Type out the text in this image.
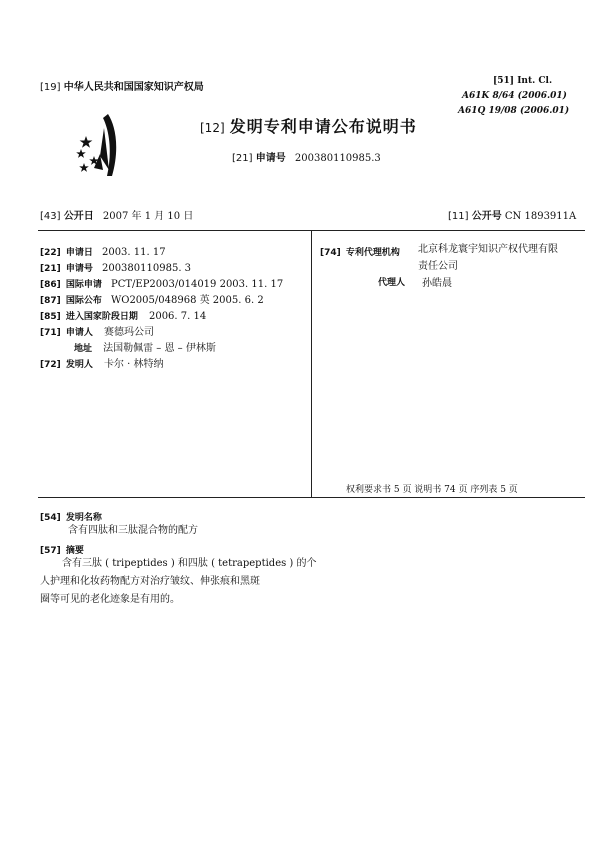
[19] 中华人民共和国国家知识产权局
[51] Int. Cl.
A61K 8/64 (2006.01)
A61Q 19/08 (2006.01)
[12] 发明专利申请公布说明书
[21] 申请号 200380110985.3
[43] 公开日 2007 年 1 月 10 日	[11] 公开号 CN 1893911A
[22] 申请日 2003. 11. 17
[21] 申请号 200380110985. 3
[86] 国际申请 PCT/EP2003/014019 2003. 11. 17
[87] 国际公布 WO2005/048968 英 2005. 6. 2
[85] 进入国家阶段日期 2006. 7. 14
[71] 申请人 赛德玛公司
地址 法国勒佩雷 – 恩 – 伊林斯
[72] 发明人 卡尔 · 林特纳
[74] 专利代理机构 北京科龙寰宇知识产权代理有限
责任公司
代理人 孙皓晨
权利要求书 5 页 说明书 74 页 序列表 5 页
[54] 发明名称
含有四肽和三肽混合物的配方
[57] 摘要
含有三肽 ( tripeptides ) 和四肽 ( tetrapeptides ) 的个
人护理和化妆药物配方对治疗皱纹、伸张痕和黑斑
圈等可见的老化迹象是有用的。
